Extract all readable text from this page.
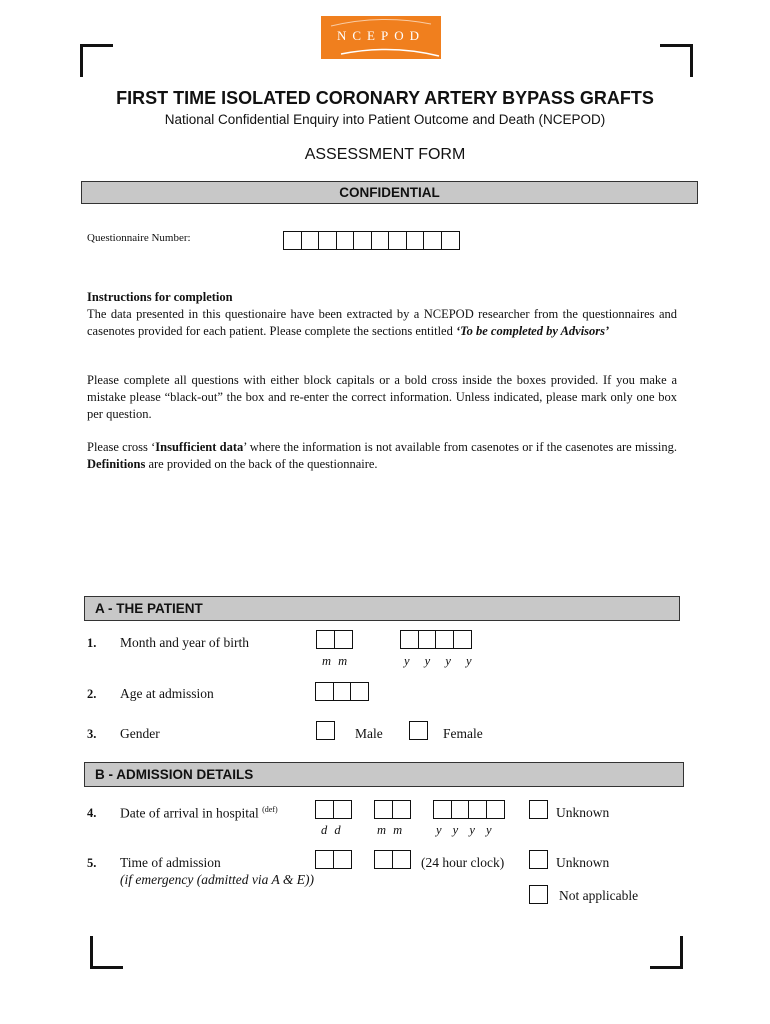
NCEPOD
FIRST TIME ISOLATED CORONARY ARTERY BYPASS GRAFTS
National Confidential Enquiry into Patient Outcome and Death (NCEPOD)
ASSESSMENT FORM
CONFIDENTIAL
Questionnaire Number:
Instructions for completion
The data presented in this questionaire have been extracted by a NCEPOD researcher from the questionnaires and casenotes provided for each patient. Please complete the sections entitled ‘To be completed by Advisors’
Please complete all questions with either block capitals or a bold cross inside the boxes provided. If you make a mistake please “black-out” the box and re-enter the correct information. Unless indicated, please mark only one box per question.
Please cross ‘Insufficient data’ where the information is not available from casenotes or if the casenotes are missing. Definitions are provided on the back of the questionnaire.
A - THE PATIENT
1. Month and year of birth
m m	y y y y
2. Age at admission
3. Gender	Male	Female
B - ADMISSION DETAILS
4. Date of arrival in hospital $^{(def)}$
d d	m m	y y y y
Unknown
5. Time of admission
(if emergency (admitted via A & E))
(24 hour clock)	Unknown
Not applicable
